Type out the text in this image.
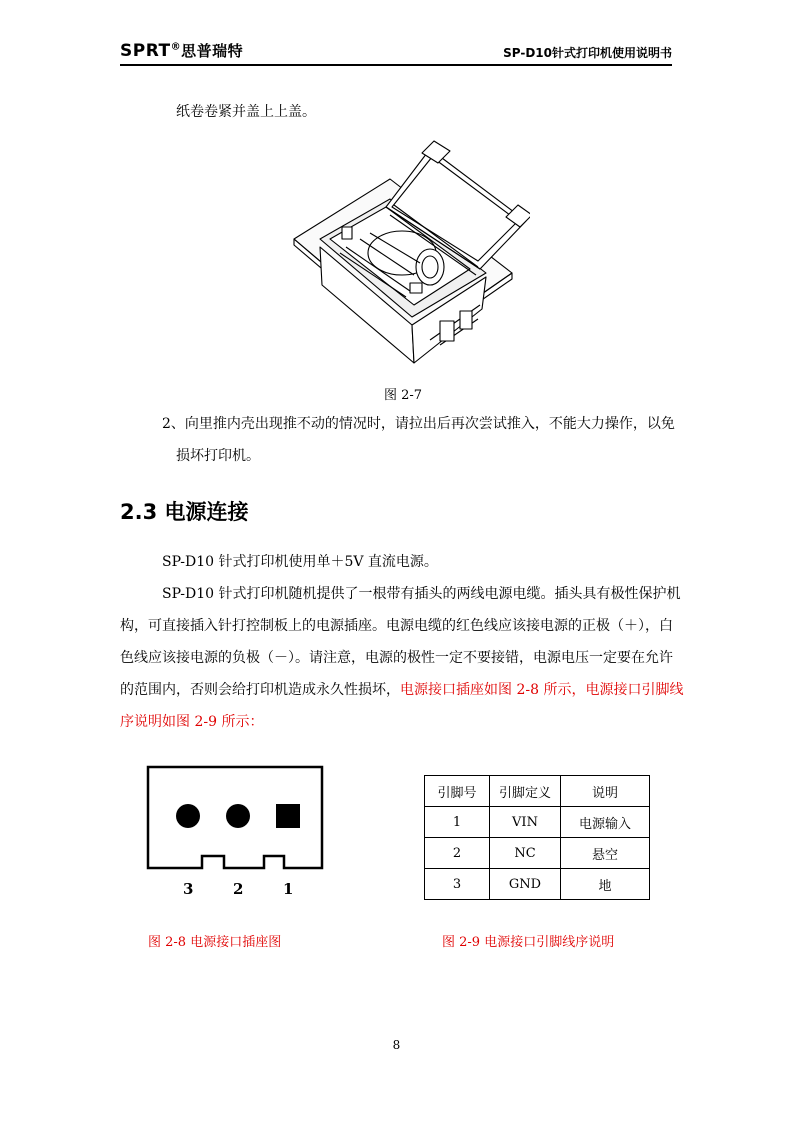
SPRT®思普瑞特	SP-D10针式打印机使用说明书
纸卷卷紧并盖上上盖。
图 2-7
2、向里推内壳出现推不动的情况时，请拉出后再次尝试推入，不能大力操作，以免
损坏打印机。
2.3 电源连接
SP-D10 针式打印机使用单＋5V 直流电源。
SP-D10 针式打印机随机提供了一根带有插头的两线电源电缆。插头具有极性保护机
构，可直接插入针打控制板上的电源插座。电源电缆的红色线应该接电源的正极（＋），白
色线应该接电源的负极（－）。请注意，电源的极性一定不要接错，电源电压一定要在允许
的范围内，否则会给打印机造成永久性损坏，电源接口插座如图 2-8 所示，电源接口引脚线
序说明如图 2-9 所示：
3	2	1
图 2-8 电源接口插座图
引脚号	引脚定义	说明
1	VIN	电源输入
2	NC	悬空
3	GND	地
图 2-9 电源接口引脚线序说明
8
